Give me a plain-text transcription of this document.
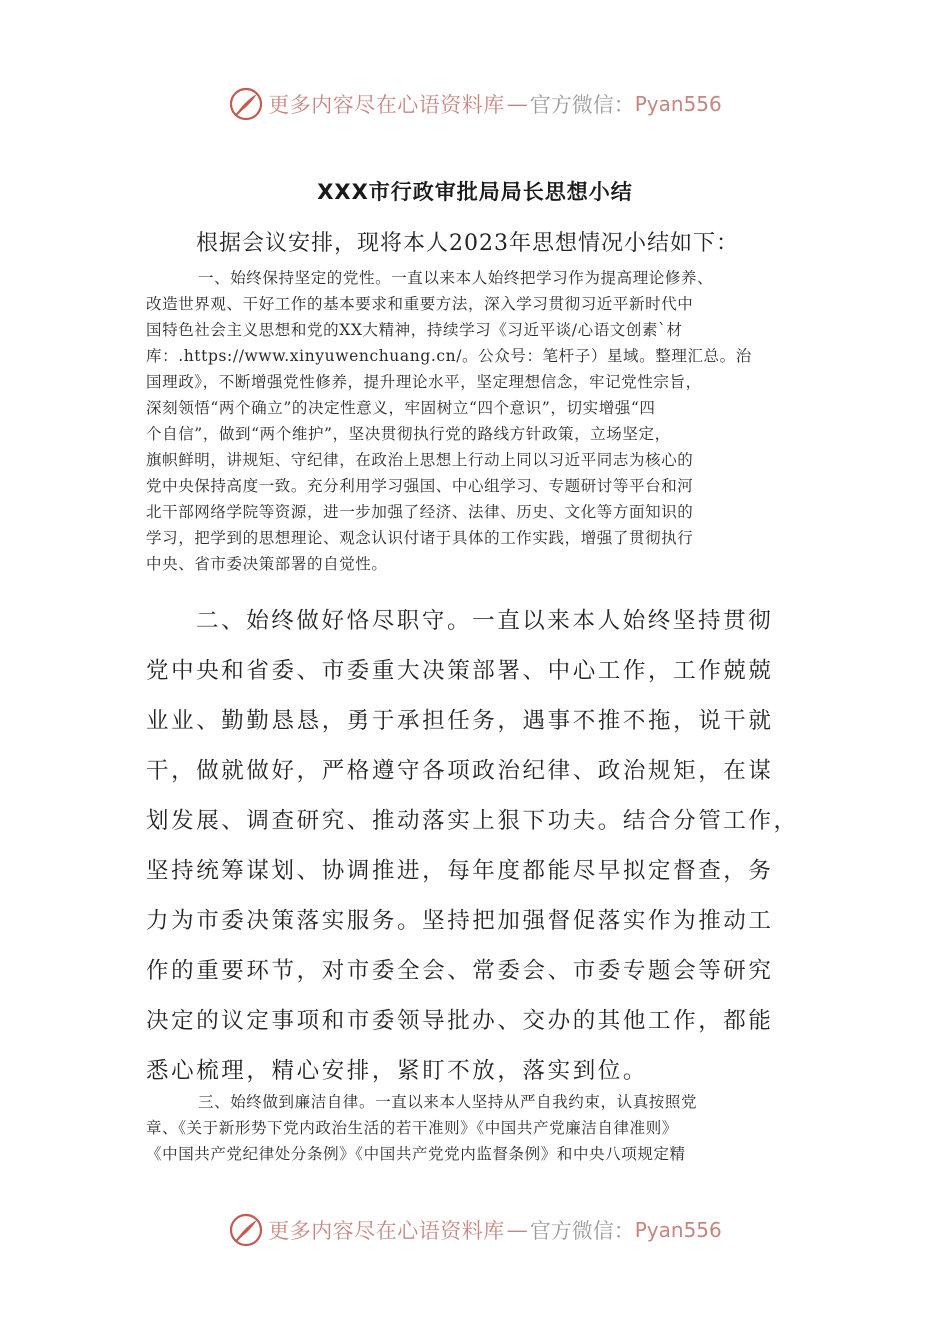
更多内容尽在心语资料库 — 官方微信： Pyan556
XXX市行政审批局局长思想小结
根据会议安排，现将本人2023年思想情况小结如下：
一、始终保持坚定的党性。一直以来本人始终把学习作为提高理论修养、
改造世界观、干好工作的基本要求和重要方法，深入学习贯彻习近平新时代中
国特色社会主义思想和党的XX大精神，持续学习《习近平谈/心语文创素`材
库：.https://www.xinyuwenchuang.cn/。公众号：笔杆子）星域。整理汇总。治
国理政》，不断增强党性修养，提升理论水平，坚定理想信念，牢记党性宗旨，
深刻领悟“两个确立”的决定性意义，牢固树立“四个意识”，切实增强“四
个自信”，做到“两个维护”，坚决贯彻执行党的路线方针政策，立场坚定，
旗帜鲜明，讲规矩、守纪律，在政治上思想上行动上同以习近平同志为核心的
党中央保持高度一致。充分利用学习强国、中心组学习、专题研讨等平台和河
北干部网络学院等资源，进一步加强了经济、法律、历史、文化等方面知识的
学习，把学到的思想理论、观念认识付诸于具体的工作实践，增强了贯彻执行
中央、省市委决策部署的自觉性。
二、始终做好恪尽职守。一直以来本人始终坚持贯彻
党中央和省委、市委重大决策部署、中心工作，工作兢兢
业业、勤勤恳恳，勇于承担任务，遇事不推不拖，说干就
干，做就做好，严格遵守各项政治纪律、政治规矩，在谋
划发展、调查研究、推动落实上狠下功夫。结合分管工作，
坚持统筹谋划、协调推进，每年度都能尽早拟定督查，务
力为市委决策落实服务。坚持把加强督促落实作为推动工
作的重要环节，对市委全会、常委会、市委专题会等研究
决定的议定事项和市委领导批办、交办的其他工作，都能
悉心梳理，精心安排，紧盯不放，落实到位。
三、始终做到廉洁自律。一直以来本人坚持从严自我约束，认真按照党
章、《关于新形势下党内政治生活的若干准则》《中国共产党廉洁自律准则》
《中国共产党纪律处分条例》《中国共产党党内监督条例》和中央八项规定精
更多内容尽在心语资料库 — 官方微信： Pyan556
